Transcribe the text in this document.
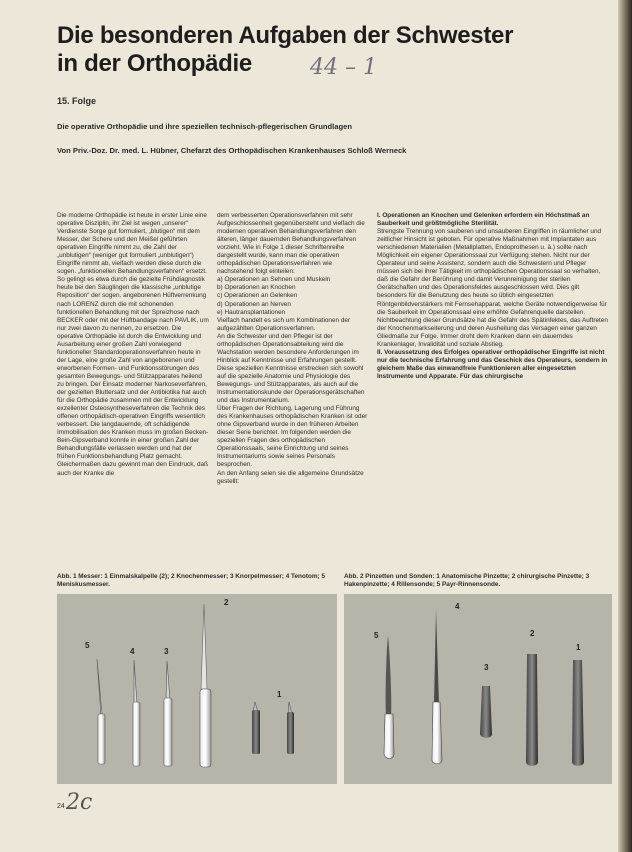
Die besonderen Aufgaben der Schwester
in der Orthopädie	44 – 1
15. Folge
Die operative Orthopädie und ihre speziellen technisch-pflegerischen Grundlagen
Von Priv.-Doz. Dr. med. L. Hübner, Chefarzt des Orthopädischen Krankenhauses Schloß Werneck

Die moderne Orthopädie ist heute in erster Linie eine operative Disziplin, ihr Ziel ist wegen „unserer“ Verdienste Sorge gut formuliert, „blutigen“ mit dem Messer, der Schere und den Meißel geführten operativen Eingriffe nimmt zu, die Zahl der „unblutigen“ (weniger gut formuliert „unblutigen“) Eingriffe nimmt ab, vielfach werden diese durch die sogen. „funktionellen Behandlungsverfahren“ ersetzt. So gelingt es etwa durch die gezielte Frühdiagnostik heute bei den Säuglingen die klassische „unblutige Reposition“ der sogen. angeborenen Hüftverrenkung nach LORENZ durch die mit schonenden funktionellen Behandlung mit der Spreizhose nach BECKER oder mit der Hüftbandage nach PAVLIK, um nur zwei davon zu nennen, zu ersetzen. Die operative Orthopädie ist durch die Entwicklung und Ausarbeitung einer großen Zahl vorwiegend funktioneller Standardoperationsverfahren heute in der Lage, eine große Zahl von angeborenen und erworbenen Formen- und Funktionsstörungen des gesamten Bewegungs- und Stützapparates heilend zu bringen. Der Einsatz moderner Narkoseverfahren, der gezielten Bluttersatz und der Antibiotika hat auch für die Orthopädie zusammen mit der Entwicklung exzellenter Osteosyntheseverfahren die Technik des offenen orthopädisch-operativen Eingriffs wesentlich verbessert. Die langdauernde, oft schädigende Immobilisation des Kranken muss im großen Becken-Bein-Gipsverband konnte in einer großen Zahl der Behandlungsfälle verlassen werden und hat der frühen Funktionsbehandlung Platz gemacht. Gleichermaßen dazu gewinnt man den Eindruck, daß auch der Kranke die

dem verbesserten Operationsverfahren mit sehr Aufgeschlossenheit gegenübersteht und vielfach die modernen operativen Behandlungsverfahren den älteren, länger dauernden Behandlungsverfahren vorzieht. Wie in Folge 1 dieser Schriftenreihe dargestellt wurde, kann man die operativen orthopädischen Operationsverfahren wie nachstehend folgt einteilen:

a) Operationen an Sehnen und Muskeln

b) Operationen an Knochen

c) Operationen an Gelenken

d) Operationen an Nerven

e) Hautransplantationen

Vielfach handelt es sich um Kombinationen der aufgezählten Operationsverfahren.

An die Schwester und den Pfleger ist der orthopädischen Operationsabteilung wird die Wachstation werden besondere Anforderungen im Hinblick auf Kenntnisse und Erfahrungen gestellt. Diese speziellen Kenntnisse erstrecken sich sowohl auf die spezielle Anatomie und Physiologie des Bewegungs- und Stützapparates, als auch auf die Instrumentationskunde der Operationsgerätschaften und das Instrumentarium.

Über Fragen der Richtung, Lagerung und Führung des Krankenhauses orthopädischen Kranken ist oder ohne Gipsverband wurde in den früheren Arbeiten dieser Serie berichtet. Im folgenden werden die speziellen Fragen des orthopädischen Operationssaals, seine Einrichtung und seines Instrumentariums sowie seines Personals besprochen.

An den Anfang seien sie die allgemeine Grundsätze gestellt:

I. Operationen an Knochen und Gelenken erfordern ein Höchstmaß an Sauberkeit und größtmögliche Sterilität.

Strengste Trennung von sauberen und unsauberen Eingriffen in räumlicher und zeitlicher Hinsicht ist geboten. Für operative Maßnahmen mit Implantaten aus verschiedenen Materialien (Metallplatten, Endoprothesen u. ä.) sollte nach Möglichkeit ein eigener Operationssaal zur Verfügung stehen. Nicht nur der Operateur und seine Assistenz, sondern auch die Schwestern und Pfleger müssen sich bei ihrer Tätigkeit im orthopädischen Operationssaal so verhalten, daß die Gefahr der Berührung und damit Verunreinigung der sterilen Gerätschaften und des Operationsfeldes ausgeschlossen wird. Dies gilt besonders für die Benutzung des heute so üblich eingesetzten Röntgenbildverstärkers mit Fernsehapparat, welche Geräte notwendigerweise für die Sauberkeit im Operationssaal eine erhöhte Gefahrenquelle darstellen.

Nichtbeachtung dieser Grundsätze hat die Gefahr des Spätinfektes, das Auftreten der Knochenmarkseiterung und deren Ausheilung das Versagen einer ganzen Gliedmaße zur Folge. Immer droht dem Kranken dann ein dauerndes Krankenlager, Invalidität und soziale Abstieg.

II. Voraussetzung des Erfolges operativer orthopädischer Eingriffe ist nicht nur die technische Erfahrung und das Geschick des Operateurs, sondern in gleichem Maße das einwandfreie Funktionieren aller eingesetzten Instrumente und Apparate. Für das chirurgische

Abb. 1 Messer: 1 Einmalskalpelle (2); 2 Knochenmesser; 3 Knorpelmesser; 4 Tenotom; 5 Meniskusmesser.
Abb. 2 Pinzetten und Sonden: 1 Anatomische Pinzette; 2 chirurgische Pinzette; 3 Hakenpinzette; 4 Rillensonde; 5 Payr-Rinnensonde.
5
4	3
2
1
5
4
3
2
1
24 2c
